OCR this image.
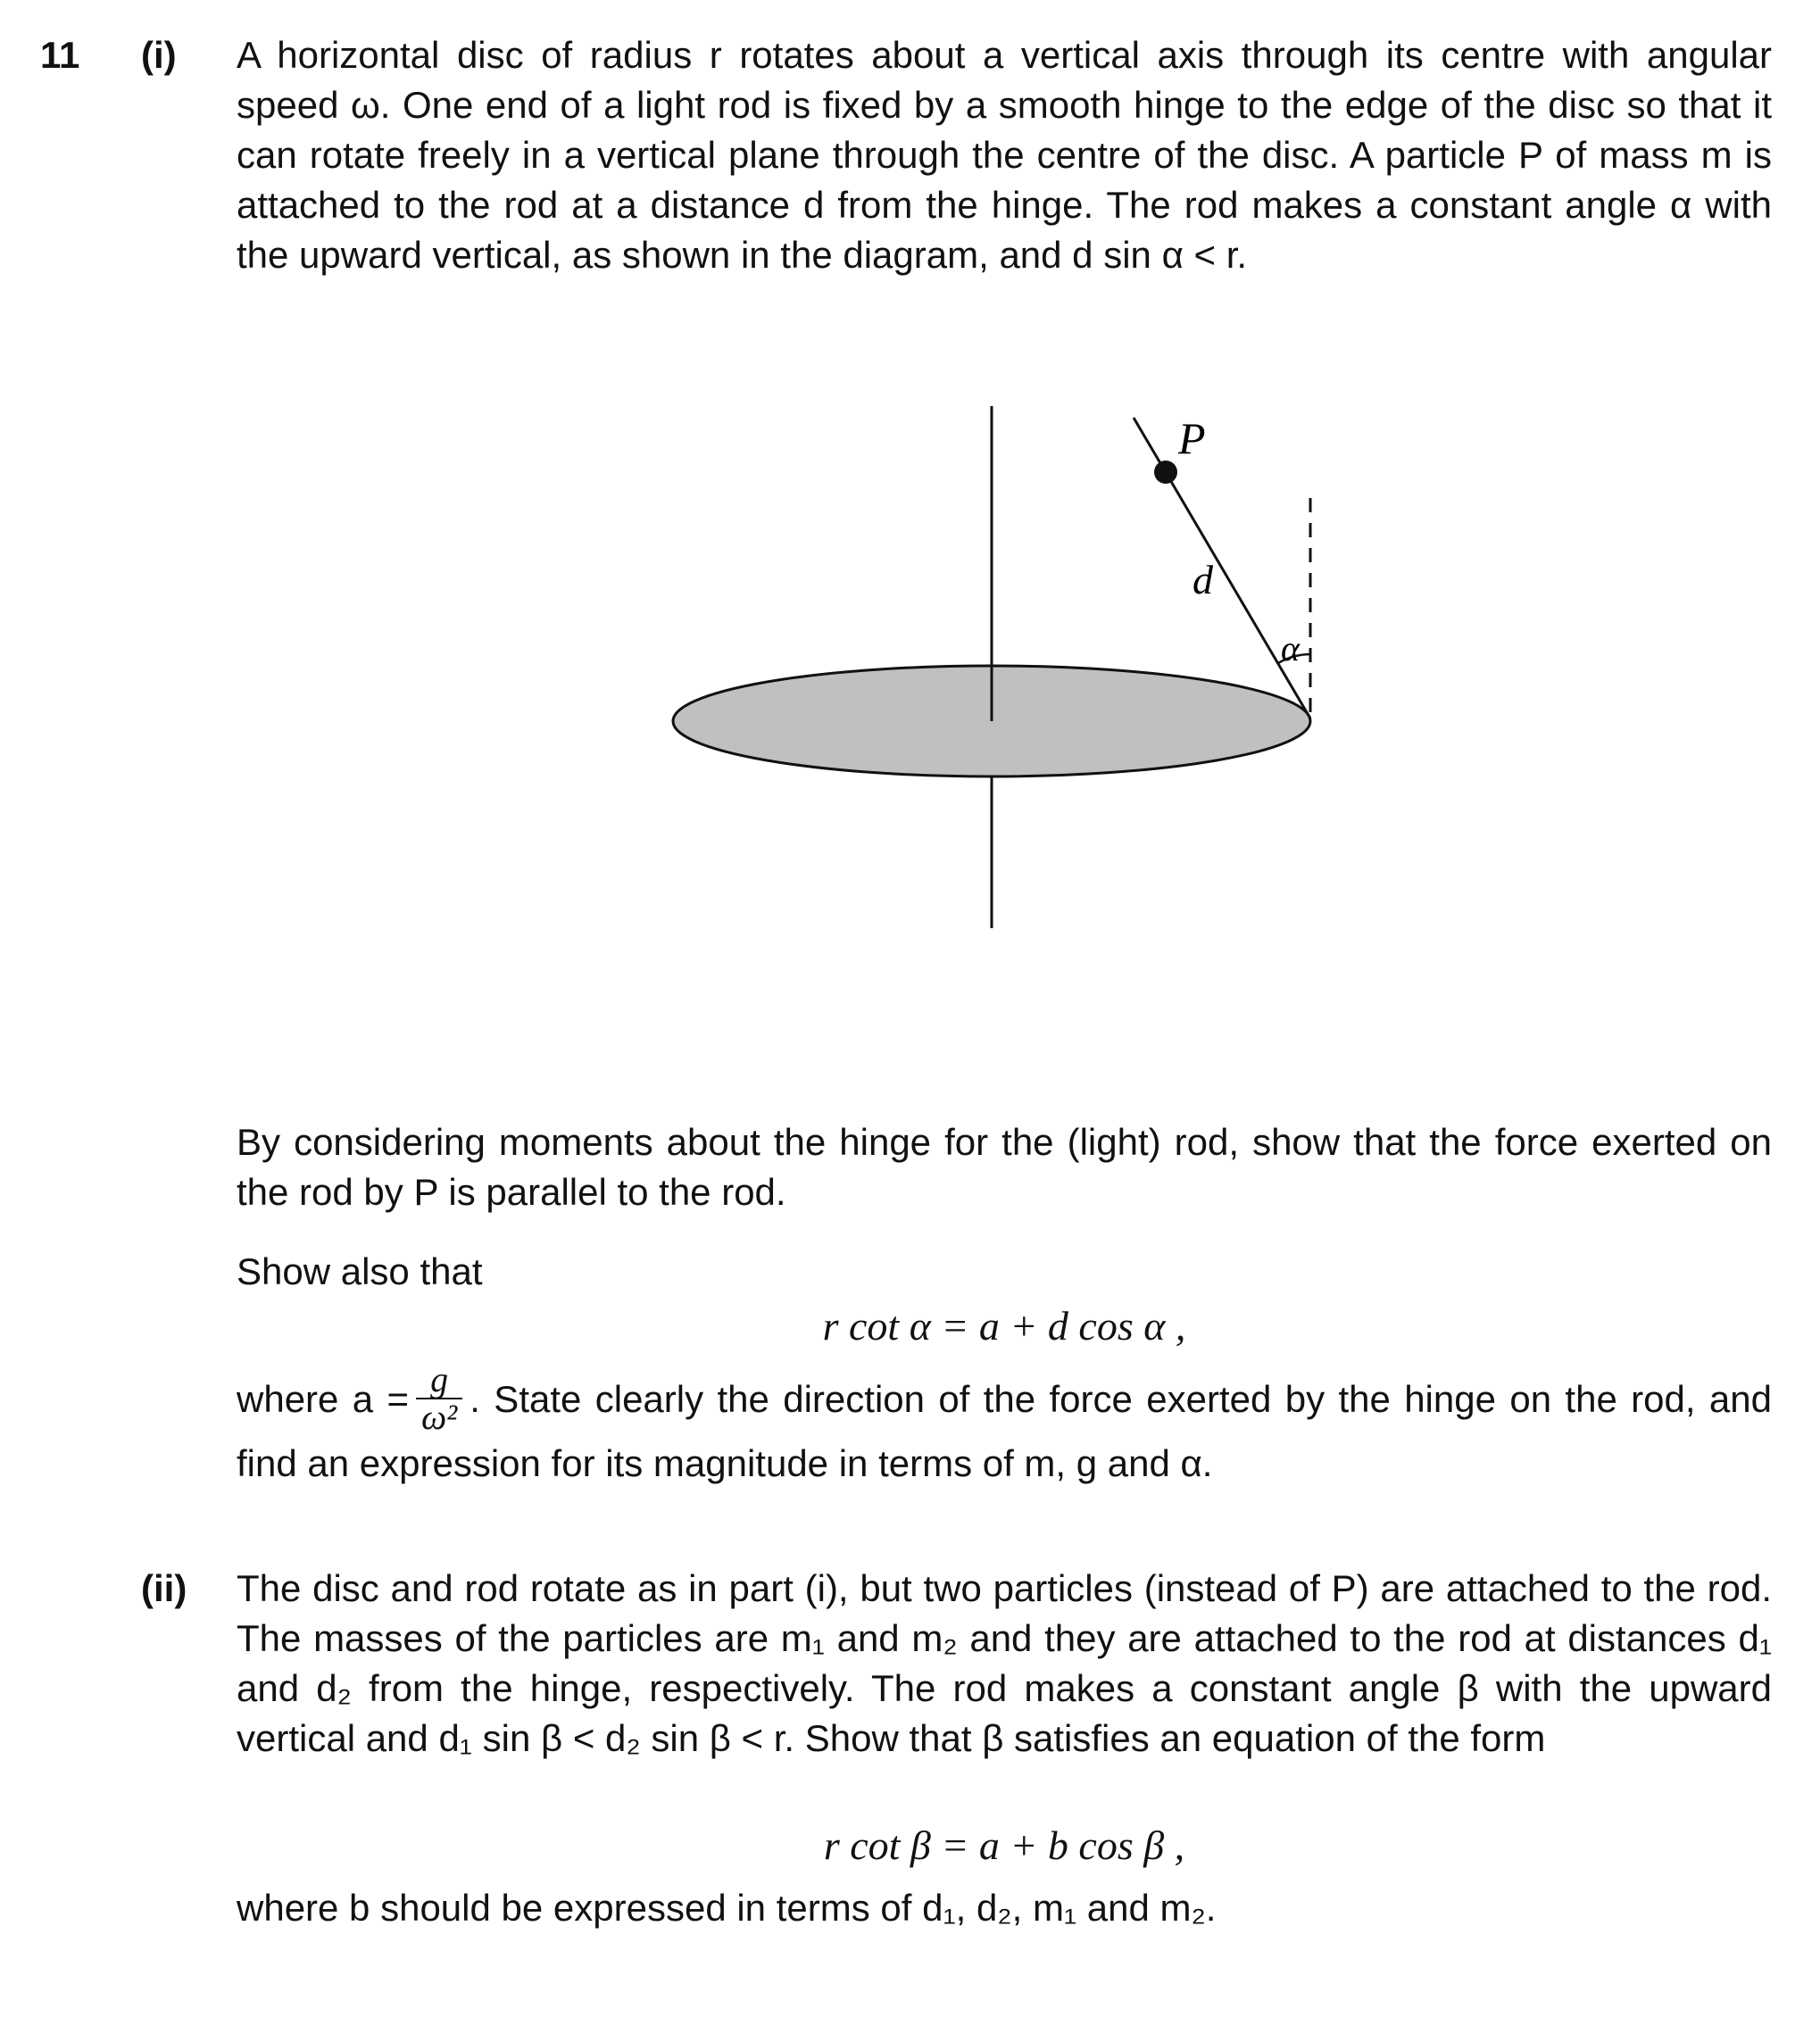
11 (i) A horizontal disc of radius r rotates about a vertical axis through its centre with angular speed ω. One end of a light rod is fixed by a smooth hinge to the edge of the disc so that it can rotate freely in a vertical plane through the centre of the disc. A particle P of mass m is attached to the rod at a distance d from the hinge. The rod makes a constant angle α with the upward vertical, as shown in the diagram, and d sin α < r.
P
d
α
By considering moments about the hinge for the (light) rod, show that the force exerted on the rod by P is parallel to the rod.
Show also that
r cot α = a + d cos α ,
where $a = \frac{g}{\text{ω²}}$ . State clearly the direction of the force exerted by the hinge on the rod, and find an expression for its magnitude in terms of m, g and α.
(ii) The disc and rod rotate as in part (i), but two particles (instead of P) are attached to the rod. The masses of the particles are m₁ and m₂ and they are attached to the rod at distances d₁ and d₂ from the hinge, respectively. The rod makes a constant angle β with the upward vertical and d₁ sin β < d₂ sin β < r. Show that β satisfies an equation of the form
r cot β = a + b cos β ,
where b should be expressed in terms of d₁, d₂, m₁ and m₂.
